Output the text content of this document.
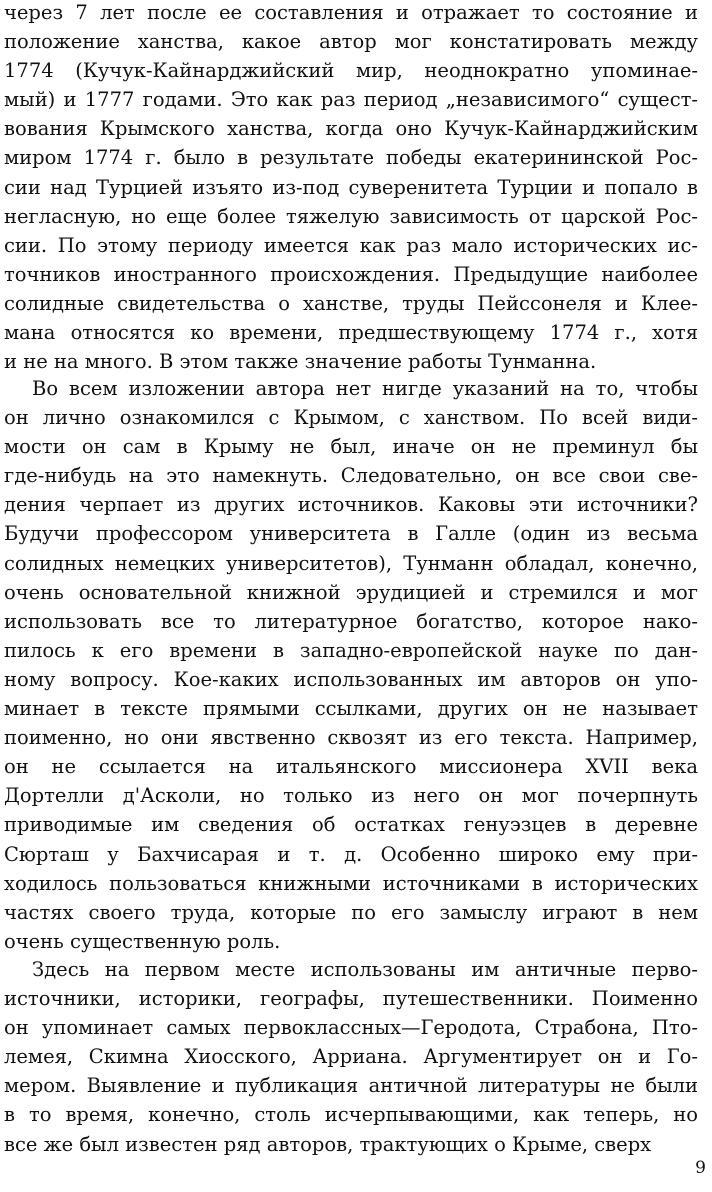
через 7 лет после ее составления и отражает то состояние и
положение ханства, какое автор мог констатировать между
1774 (Кучук-Кайнарджийский мир, неоднократно упоминае-
мый) и 1777 годами. Это как раз период „независимого“ сущест-
вования Крымского ханства, когда оно Кучук-Кайнарджийским
миром 1774 г. было в результате победы екатерининской Рос-
сии над Турцией изъято из-под суверенитета Турции и попало в
негласную, но еще более тяжелую зависимость от царской Рос-
сии. По этому периоду имеется как раз мало исторических ис-
точников иностранного происхождения. Предыдущие наиболее
солидные свидетельства о ханстве, труды Пейссонеля и Клее-
мана относятся ко времени, предшествующему 1774 г., хотя
и не на много. В этом также значение работы Тунманна.
Во всем изложении автора нет нигде указаний на то, чтобы
он лично ознакомился с Крымом, с ханством. По всей види-
мости он сам в Крыму не был, иначе он не преминул бы
где-нибудь на это намекнуть. Следовательно, он все свои све-
дения черпает из других источников. Каковы эти источники?
Будучи профессором университета в Галле (один из весьма
солидных немецких университетов), Тунманн обладал, конечно,
очень основательной книжной эрудицией и стремился и мог
использовать все то литературное богатство, которое нако-
пилось к его времени в западно-европейской науке по дан-
ному вопросу. Кое-каких использованных им авторов он упо-
минает в тексте прямыми ссылками, других он не называет
поименно, но они явственно сквозят из его текста. Например,
он не ссылается на итальянского миссионера XVII века
Дортелли д'Асколи, но только из него он мог почерпнуть
приводимые им сведения об остатках генуэзцев в деревне
Сюрташ у Бахчисарая и т. д. Особенно широко ему при-
ходилось пользоваться книжными источниками в исторических
частях своего труда, которые по его замыслу играют в нем
очень существенную роль.
Здесь на первом месте использованы им античные перво-
источники, историки, географы, путешественники. Поименно
он упоминает самых первоклассных—Геродота, Страбона, Пто-
лемея, Скимна Хиосского, Арриана. Аргументирует он и Го-
мером. Выявление и публикация античной литературы не были
в то время, конечно, столь исчерпывающими, как теперь, но
все же был известен ряд авторов, трактующих о Крыме, сверх
9
